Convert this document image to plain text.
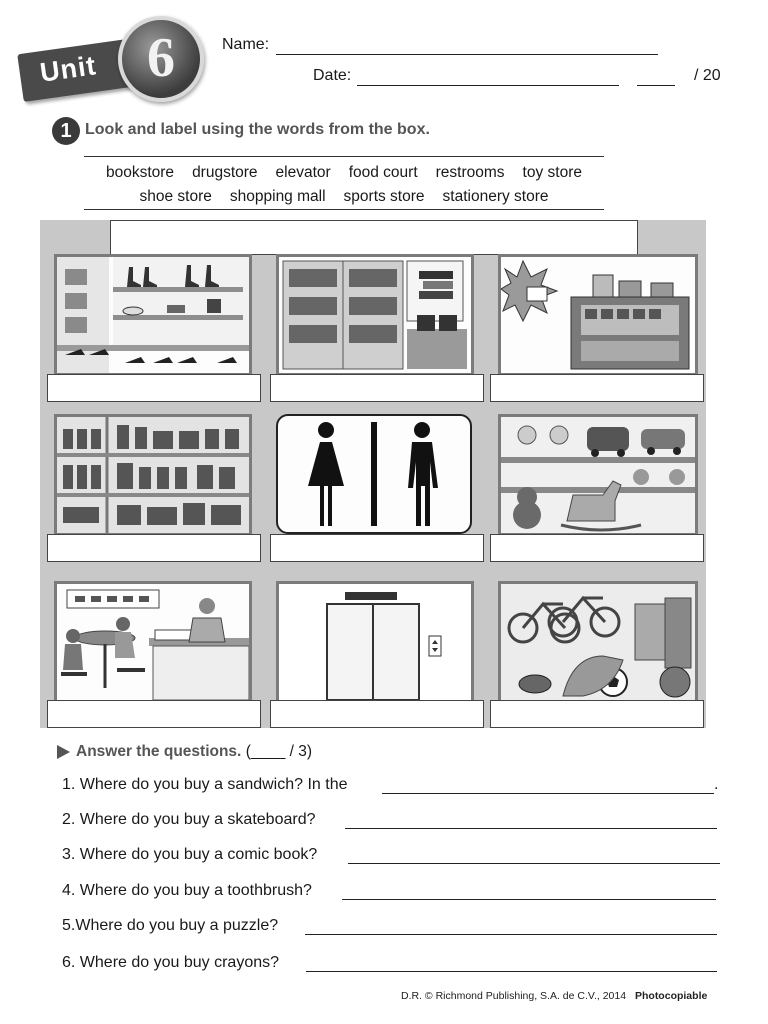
Unit 6	Name:
Date:	/ 20
1 Look and label using the words from the box.
bookstore drugstore elevator food court restrooms toy store
shoe store shopping mall sports store stationery store
Answer the questions. (____ / 3)
1. Where do you buy a sandwich? In the	.
2. Where do you buy a skateboard?
3. Where do you buy a comic book?
4. Where do you buy a toothbrush?
5.Where do you buy a puzzle?
6. Where do you buy crayons?
D.R. © Richmond Publishing, S.A. de C.V., 2014 Photocopiable
